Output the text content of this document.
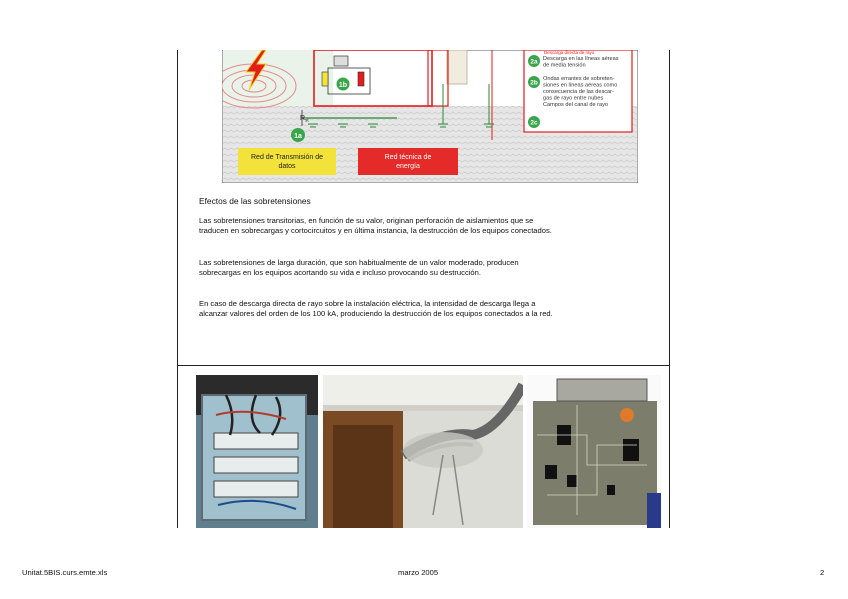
1b
$R_{st}$
1a
Red de Transmisión de
datos
Red técnica de
energía
Descarga directa de rayo
2a Descarga en las líneas aéreas
de media tensión
2b
Ondas errantes de sobreten-
siones en líneas aéreas como
consecuencia de las descar-
gas de rayo entre nubes
Campos del canal de rayo
2c
Efectos de las sobretensiones
Las sobretensiones transitorias, en función de su valor, originan perforación de aislamientos que se
traducen en sobrecargas y cortocircuitos y en última instancia, la destrucción de los equipos conectados.
Las sobretensiones de larga duración, que son habitualmente de un valor moderado, producen
sobrecargas en los equipos acortando su vida e incluso provocando su destrucción.
En caso de descarga directa de rayo sobre la instalación eléctrica, la intensidad de descarga llega a
alcanzar valores del orden de los 100 kA, produciendo la destrucción de los equipos conectados a la red.
Unitat.5BIS.curs.emte.xls	marzo 2005	2
